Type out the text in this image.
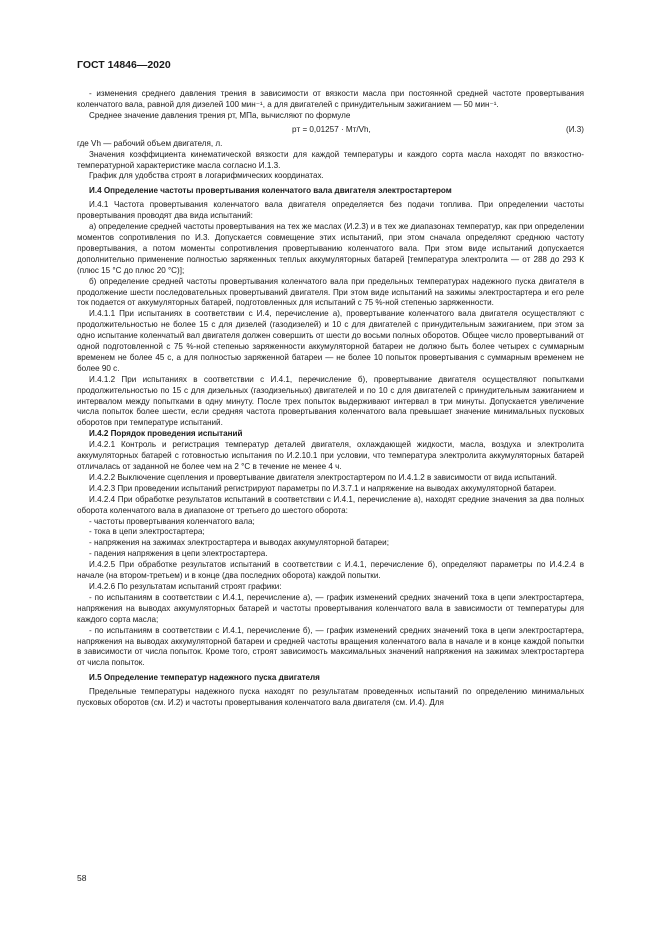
ГОСТ 14846—2020

- изменения среднего давления трения в зависимости от вязкости масла при постоянной средней частоте провертывания коленчатого вала, равной для дизелей 100 мин⁻¹, а для двигателей с принудительным зажиганием — 50 мин⁻¹.

Среднее значение давления трения pт, МПа, вычисляют по формуле

pт = 0,01257 · Mт/Vh,	(И.3)

где Vh — рабочий объем двигателя, л.

Значения коэффициента кинематической вязкости для каждой температуры и каждого сорта масла находят по вязкостно-температурной характеристике масла согласно И.1.3.

График для удобства строят в логарифмических координатах.

И.4 Определение частоты провертывания коленчатого вала двигателя электростартером

И.4.1 Частота провертывания коленчатого вала двигателя определяется без подачи топлива. При определении частоты провертывания проводят два вида испытаний:

а) определение средней частоты провертывания на тех же маслах (И.2.3) и в тех же диапазонах температур, как при определении моментов сопротивления по И.3. Допускается совмещение этих испытаний, при этом сначала определяют среднюю частоту провертывания, а потом моменты сопротивления провертыванию коленчатого вала. При этом виде испытаний допускается дополнительно применение полностью заряженных теплых аккумуляторных батарей [температура электролита — от 288 до 293 К (плюс 15 °С до плюс 20 °С)];

б) определение средней частоты провертывания коленчатого вала при предельных температурах надежного пуска двигателя в продолжение шести последовательных провертываний двигателя. При этом виде испытаний на зажимы электростартера и его реле ток подается от аккумуляторных батарей, подготовленных для испытаний с 75 %-ной степенью заряженности.

И.4.1.1 При испытаниях в соответствии с И.4, перечисление а), провертывание коленчатого вала двигателя осуществляют с продолжительностью не более 15 с для дизелей (газодизелей) и 10 с для двигателей с принудительным зажиганием, при этом за одно испытание коленчатый вал двигателя должен совершить от шести до восьми полных оборотов. Общее число провертываний от одной подготовленной с 75 %-ной степенью заряженности аккумуляторной батареи не должно быть более четырех с суммарным временем не более 45 с, а для полностью заряженной батареи — не более 10 попыток провертывания с суммарным временем не более 90 с.

И.4.1.2 При испытаниях в соответствии с И.4.1, перечисление б), провертывание двигателя осуществляют попытками продолжительностью по 15 с для дизельных (газодизельных) двигателей и по 10 с для двигателей с принудительным зажиганием и интервалом между попытками в одну минуту. После трех попыток выдерживают интервал в три минуты. Допускается увеличение числа попыток более шести, если средняя частота провертывания коленчатого вала превышает значение минимальных пусковых оборотов при температуре испытаний.

И.4.2 Порядок проведения испытаний

И.4.2.1 Контроль и регистрация температур деталей двигателя, охлаждающей жидкости, масла, воздуха и электролита аккумуляторных батарей с готовностью испытания по И.2.10.1 при условии, что температура электролита аккумуляторных батарей отличалась от заданной не более чем на 2 °С в течение не менее 4 ч.

И.4.2.2 Выключение сцепления и провертывание двигателя электростартером по И.4.1.2 в зависимости от вида испытаний.

И.4.2.3 При проведении испытаний регистрируют параметры по И.3.7.1 и напряжение на выводах аккумуляторной батареи.

И.4.2.4 При обработке результатов испытаний в соответствии с И.4.1, перечисление а), находят средние значения за два полных оборота коленчатого вала в диапазоне от третьего до шестого оборота:

- частоты провертывания коленчатого вала;

- тока в цепи электростартера;

- напряжения на зажимах электростартера и выводах аккумуляторной батареи;

- падения напряжения в цепи электростартера.

И.4.2.5 При обработке результатов испытаний в соответствии с И.4.1, перечисление б), определяют параметры по И.4.2.4 в начале (на втором-третьем) и в конце (два последних оборота) каждой попытки.

И.4.2.6 По результатам испытаний строят графики:

- по испытаниям в соответствии с И.4.1, перечисление а), — график изменений средних значений тока в цепи электростартера, напряжения на выводах аккумуляторных батарей и частоты провертывания коленчатого вала в зависимости от температуры для каждого сорта масла;

- по испытаниям в соответствии с И.4.1, перечисление б), — график изменений средних значений тока в цепи электростартера, напряжения на выводах аккумуляторной батареи и средней частоты вращения коленчатого вала в начале и в конце каждой попытки в зависимости от числа попыток. Кроме того, строят зависимость максимальных значений напряжения на зажимах электростартера от числа попыток.

И.5 Определение температур надежного пуска двигателя

Предельные температуры надежного пуска находят по результатам проведенных испытаний по определению минимальных пусковых оборотов (см. И.2) и частоты провертывания коленчатого вала двигателя (см. И.4). Для

58
